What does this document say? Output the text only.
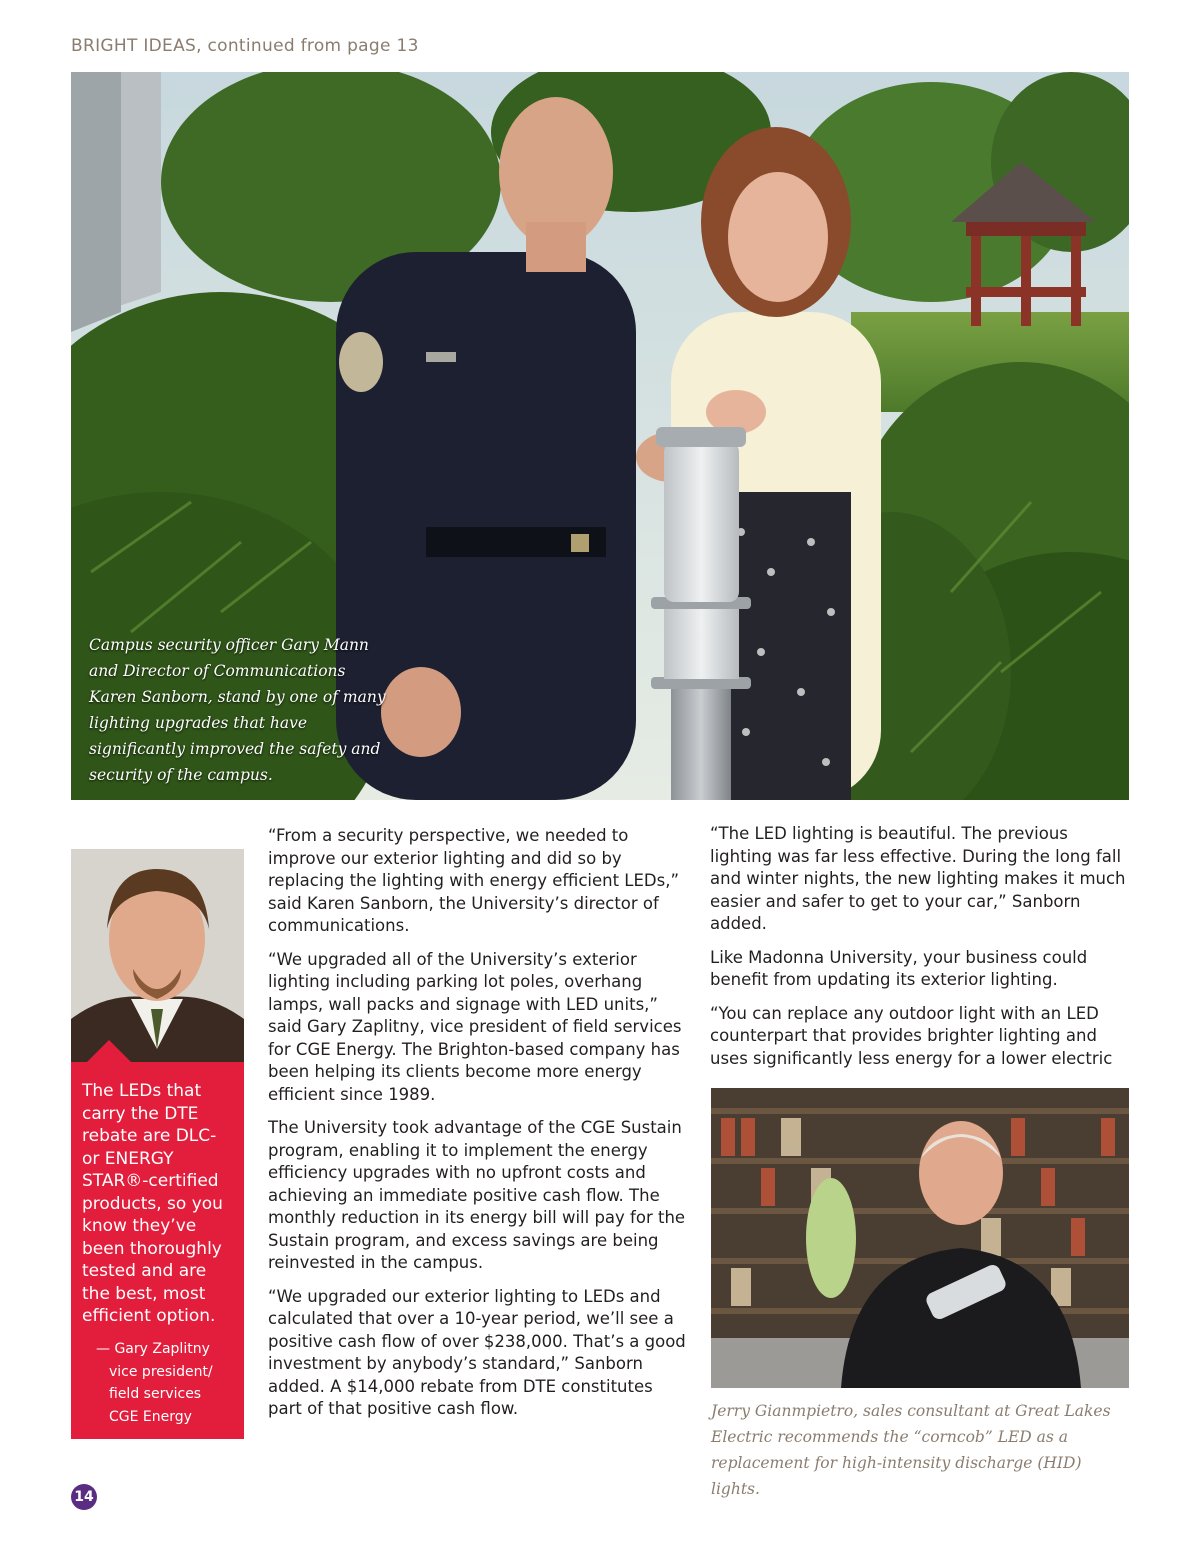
BRIGHT IDEAS, continued from page 13
Campus security officer Gary Mann and Director of Communications Karen Sanborn, stand by one of many lighting upgrades that have significantly improved the safety and security of the campus.
The LEDs that carry the DTE rebate are DLC- or ENERGY STAR®-certified products, so you know they’ve been thoroughly tested and are the best, most efficient option.
— Gary Zaplitny
vice president/
field services
CGE Energy

“From a security perspective, we needed to improve our exterior lighting and did so by replacing the lighting with energy efficient LEDs,” said Karen Sanborn, the University’s director of communications.

“We upgraded all of the University’s exterior lighting including parking lot poles, overhang lamps, wall packs and signage with LED units,” said Gary Zaplitny, vice president of field services for CGE Energy. The Brighton-based company has been helping its clients become more energy efficient since 1989.

The University took advantage of the CGE Sustain program, enabling it to implement the energy efficiency upgrades with no upfront costs and achieving an immediate positive cash flow. The monthly reduction in its energy bill will pay for the Sustain program, and excess savings are being reinvested in the campus.

“We upgraded our exterior lighting to LEDs and calculated that over a 10-year period, we’ll see a positive cash flow of over $238,000. That’s a good investment by anybody’s standard,” Sanborn added. A $14,000 rebate from DTE constitutes part of that positive cash flow.

“The LED lighting is beautiful. The previous lighting was far less effective. During the long fall and winter nights, the new lighting makes it much easier and safer to get to your car,” Sanborn added.

Like Madonna University, your business could benefit from updating its exterior lighting.

“You can replace any outdoor light with an LED counterpart that provides brighter lighting and uses significantly less energy for a lower electric

Jerry Gianmpietro, sales consultant at Great Lakes Electric recommends the “corncob” LED as a replacement for high-intensity discharge (HID) lights.
14
